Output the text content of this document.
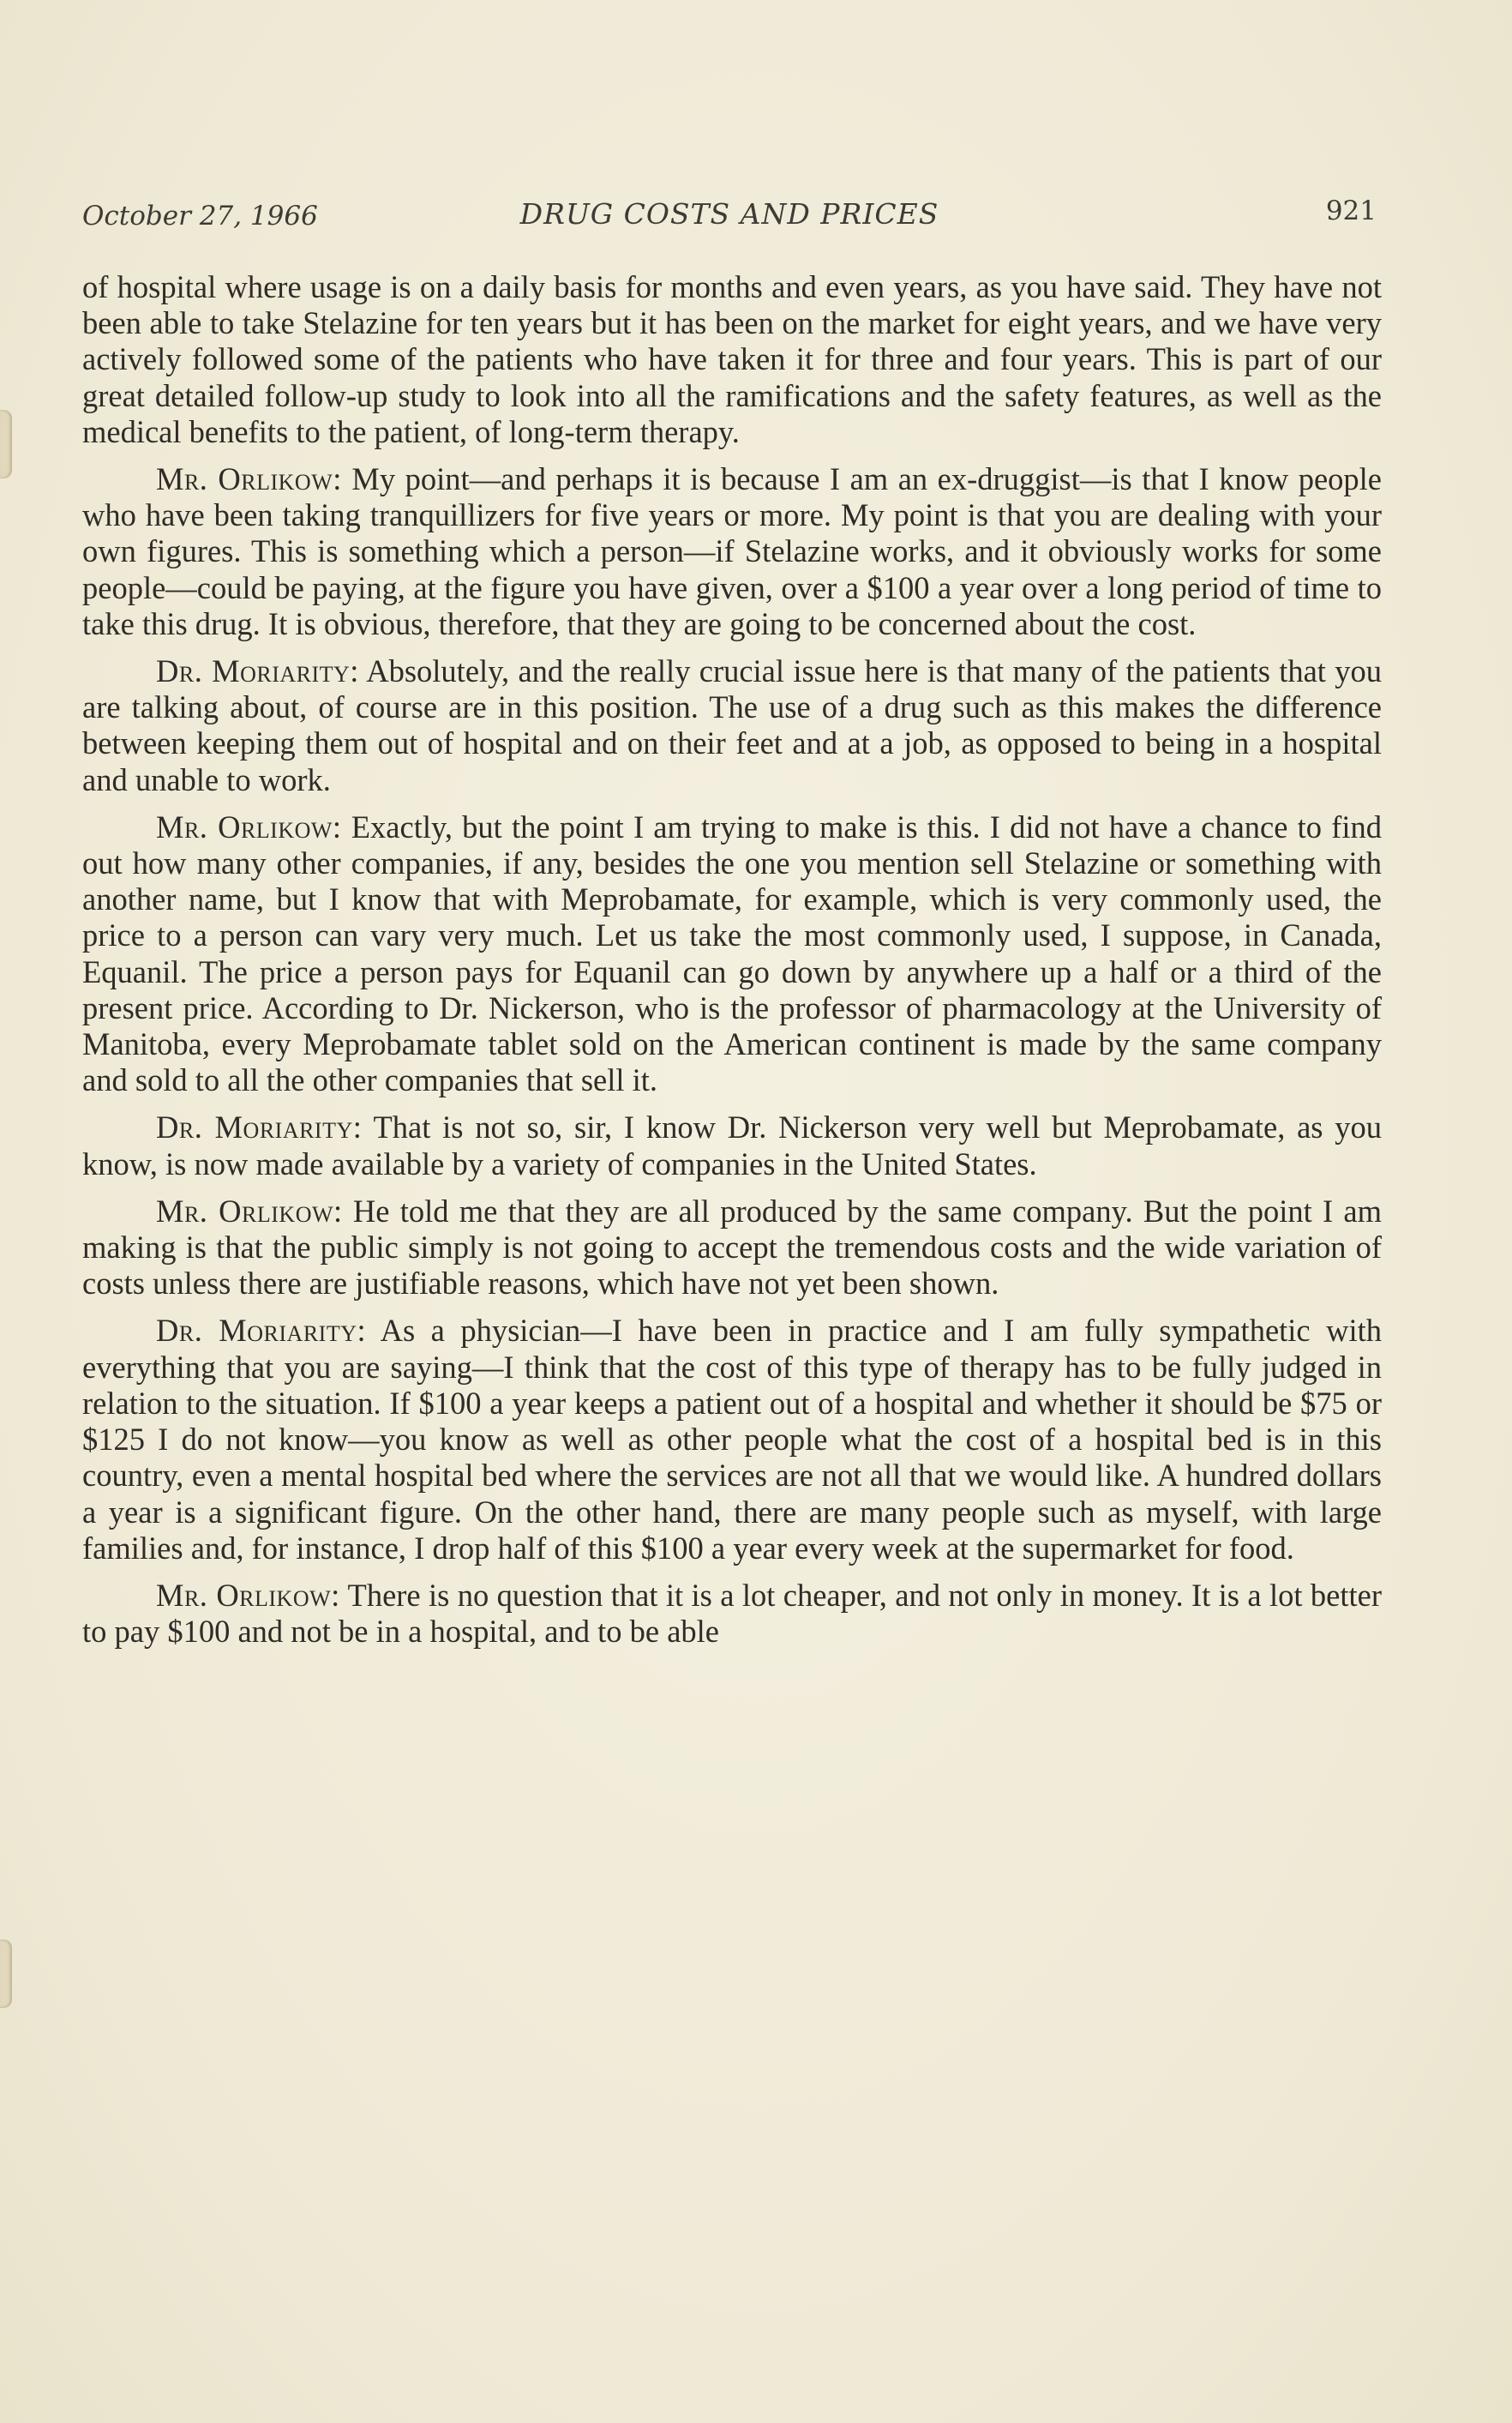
October 27, 1966	DRUG COSTS AND PRICES	921

of hospital where usage is on a daily basis for months and even years, as you have said. They have not been able to take Stelazine for ten years but it has been on the market for eight years, and we have very actively followed some of the patients who have taken it for three and four years. This is part of our great detailed follow-up study to look into all the ramifications and the safety features, as well as the medical benefits to the patient, of long-term therapy.

Mr. Orlikow: My point—and perhaps it is because I am an ex-druggist—is that I know people who have been taking tranquillizers for five years or more. My point is that you are dealing with your own figures. This is something which a person—if Stelazine works, and it obviously works for some people—could be paying, at the figure you have given, over a $100 a year over a long period of time to take this drug. It is obvious, therefore, that they are going to be concerned about the cost.

Dr. Moriarity: Absolutely, and the really crucial issue here is that many of the patients that you are talking about, of course are in this position. The use of a drug such as this makes the difference between keeping them out of hospital and on their feet and at a job, as opposed to being in a hospital and unable to work.

Mr. Orlikow: Exactly, but the point I am trying to make is this. I did not have a chance to find out how many other companies, if any, besides the one you mention sell Stelazine or something with another name, but I know that with Meprobamate, for example, which is very commonly used, the price to a person can vary very much. Let us take the most commonly used, I suppose, in Canada, Equanil. The price a person pays for Equanil can go down by anywhere up a half or a third of the present price. According to Dr. Nickerson, who is the professor of pharmacology at the University of Manitoba, every Meprobamate tablet sold on the American continent is made by the same company and sold to all the other companies that sell it.

Dr. Moriarity: That is not so, sir, I know Dr. Nickerson very well but Meprobamate, as you know, is now made available by a variety of companies in the United States.

Mr. Orlikow: He told me that they are all produced by the same company. But the point I am making is that the public simply is not going to accept the tremendous costs and the wide variation of costs unless there are justifiable reasons, which have not yet been shown.

Dr. Moriarity: As a physician—I have been in practice and I am fully sympathetic with everything that you are saying—I think that the cost of this type of therapy has to be fully judged in relation to the situation. If $100 a year keeps a patient out of a hospital and whether it should be $75 or $125 I do not know—you know as well as other people what the cost of a hospital bed is in this country, even a mental hospital bed where the services are not all that we would like. A hundred dollars a year is a significant figure. On the other hand, there are many people such as myself, with large families and, for instance, I drop half of this $100 a year every week at the supermarket for food.

Mr. Orlikow: There is no question that it is a lot cheaper, and not only in money. It is a lot better to pay $100 and not be in a hospital, and to be able
